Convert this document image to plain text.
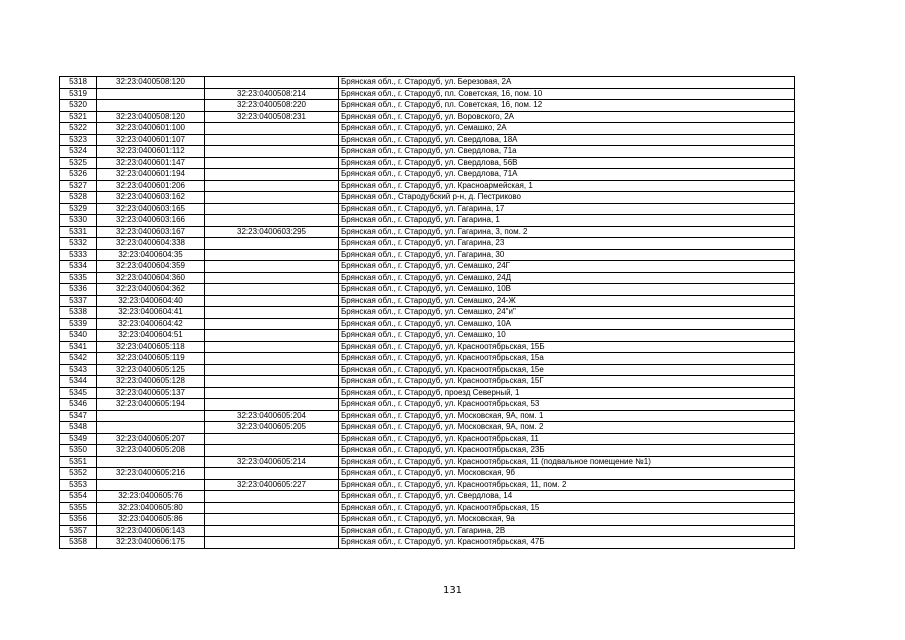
5318	32:23:0400508:120		Брянская обл., г. Стародуб, ул. Березовая, 2А
5319		32:23:0400508:214	Брянская обл., г. Стародуб, пл. Советская, 16, пом. 10
5320		32:23:0400508:220	Брянская обл., г. Стародуб, пл. Советская, 16, пом. 12
5321	32:23:0400508:120	32:23:0400508:231	Брянская обл., г. Стародуб, ул. Воровского, 2А
5322	32:23:0400601:100		Брянская обл., г. Стародуб, ул. Семашко, 2А
5323	32:23:0400601:107		Брянская обл., г. Стародуб, ул. Свердлова, 18А
5324	32:23:0400601:112		Брянская обл., г. Стародуб, ул. Свердлова, 71а
5325	32:23:0400601:147		Брянская обл., г. Стародуб, ул. Свердлова, 56В
5326	32:23:0400601:194		Брянская обл., г. Стародуб, ул. Свердлова, 71А
5327	32:23:0400601:206		Брянская обл., г. Стародуб, ул. Красноармейская, 1
5328	32:23:0400603:162		Брянская обл., Стародубский р-н, д. Пестриково
5329	32:23:0400603:165		Брянская обл., г. Стародуб, ул. Гагарина, 17
5330	32:23:0400603:166		Брянская обл., г. Стародуб, ул. Гагарина, 1
5331	32:23:0400603:167	32:23:0400603:295	Брянская обл., г. Стародуб, ул. Гагарина, 3, пом. 2
5332	32:23:0400604:338		Брянская обл., г. Стародуб, ул. Гагарина, 23
5333	32:23:0400604:35		Брянская обл., г. Стародуб, ул. Гагарина, 30
5334	32:23:0400604:359		Брянская обл., г. Стародуб, ул. Семашко, 24Г
5335	32:23:0400604:360		Брянская обл., г. Стародуб, ул. Семашко, 24Д
5336	32:23:0400604:362		Брянская обл., г. Стародуб, ул. Семашко, 10В
5337	32:23:0400604:40		Брянская обл., г. Стародуб, ул. Семашко, 24-Ж
5338	32:23:0400604:41		Брянская обл., г. Стародуб, ул. Семашко, 24"и"
5339	32:23:0400604:42		Брянская обл., г. Стародуб, ул. Семашко, 10А
5340	32:23:0400604:51		Брянская обл., г. Стародуб, ул. Семашко, 10
5341	32:23:0400605:118		Брянская обл., г. Стародуб, ул. Красноотябрьская, 15Б
5342	32:23:0400605:119		Брянская обл., г. Стародуб, ул. Красноотябрьская, 15а
5343	32:23:0400605:125		Брянская обл., г. Стародуб, ул. Красноотябрьская, 15е
5344	32:23:0400605:128		Брянская обл., г. Стародуб, ул. Красноотябрьская, 15Г
5345	32:23:0400605:137		Брянская обл., г. Стародуб, проезд Северный, 1
5346	32:23:0400605:194		Брянская обл., г. Стародуб, ул. Красноотябрьская, 53
5347		32:23:0400605:204	Брянская обл., г. Стародуб, ул. Московская, 9А, пом. 1
5348		32:23:0400605:205	Брянская обл., г. Стародуб, ул. Московская, 9А, пом. 2
5349	32:23:0400605:207		Брянская обл., г. Стародуб, ул. Красноотябрьская, 11
5350	32:23:0400605:208		Брянская обл., г. Стародуб, ул. Красноотябрьская, 23Б
5351		32:23:0400605:214	Брянская обл., г. Стародуб, ул. Красноотябрьская, 11 (подвальное помещение №1)
5352	32:23:0400605:216		Брянская обл., г. Стародуб, ул. Московская, 9б
5353		32:23:0400605:227	Брянская обл., г. Стародуб, ул. Красноотябрьская, 11, пом. 2
5354	32:23:0400605:76		Брянская обл., г. Стародуб, ул. Свердлова, 14
5355	32:23:0400605:80		Брянская обл., г. Стародуб, ул. Красноотябрьская, 15
5356	32:23:0400605:86		Брянская обл., г. Стародуб, ул. Московская, 9а
5357	32:23:0400606:143		Брянская обл., г. Стародуб, ул. Гагарина, 2В
5358	32:23:0400606:175		Брянская обл., г. Стародуб, ул. Красноотябрьская, 47Б
131
